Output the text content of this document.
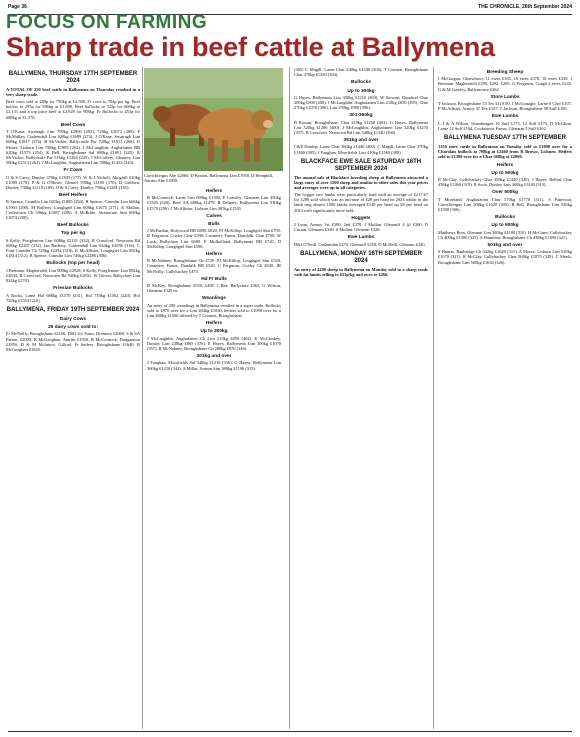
Page 36	THE CHRONICLE, 26th September 2024
FOCUS ON FARMING
Sharp trade in beef cattle at Ballymena

BALLYMENA, THURSDAY 17TH SEPTEMBER 2024

A TOTAL OF 250 beef cattle in Ballymena on Thursday resulted in a very sharp trade.

Beef cows sold to 280p for 790kg at £2,500, Fr cows to 704p per kg. Beef heifers to 295p for 596kg at £1,888, Beef bullocks to 325p for 608kg at £2,131 and a top price beef at £2,928 for 908kg. Fr Bullocks to 253p for 688kg at £1,570.

Beef Cows

T O'Kane, Swatragh Lim 790kg £2906 (292), 720kg £2073 (288). F McMullan, Cushendall Lim 620kg £1699 (274). J O'Kane, Swatragh Lim 668kg £1817 (272). R McVicker, Ballycastle Par 720kg £1915 (266). D Moses, Lisburn Lim 758kg £1985 (262). J McLaughlin, Aughafatten BB 620kg £1573 (254). K Bell, Broughshane Sal 690kg £1691 (245). R McVicker, Ballycastle Par 516kg £1264 (245). I McCaffery, Glenarry Lim 580kg £1513 (261). J McLaughlin, Aughafatten Lim 590kg £1433 (243).

Fr Cows

G & S Carey, Dunloy 470kg £1309 (177). W & J Nicholl, Ahoghill 610kg £1089 (179). P & G O'Rowe, Glenaff 598kg £1105 (170). D Gribben, Dunloy 738kg £1118 (169). O & S Carey, Dunloy 758kg £1281 (165).

Beef Heifers

R Spence, Crumlin Lim 601kg £1885 (294). R Spence, Crumlin Lim 666kg £1903 (290). M Rafferty, Loughgiel Lim 608kg £1675 (271). K Mullan, Cookstown Ch 596kg £1687 (286). A McBride, Stranocum Sim 668kg £1874 (280).

Beef Bullocks

Top per kg

S Kelly, Portglenone Lim 608kg £2131 (332). R Crawford, Newtown Rd 608kg £2107 (332). Ian Rafferty, Cushendall Lim 644kg £2036 (316). C Ford Crumlin Ch 728kg £2294 (316). K McAllister, Loughgiel Lim 582kg £1814 (312). R Spence, Crumlin Lim 746kg £2286 (306).

Bullocks (top per head)

J Brennan, Magherafelt Lim 908kg £2928, S Kelly, Portglenone Lim 882kg £2844, R Crawford, Newtown Rd 940kg £2831. W Glover, Ballyclare Lim 824kg £2703.

Friesian Bullocks

A Rocks, Lame Hol 688kg £1570 (231). Hol 710kg £1562 (220). Hol 720kg £1554 (216).

BALLYMENA, FRIDAY 19TH SEPTEMBER 2024

Dairy Cows

29 dairy cows sold to:

Fr McNeilly, Broughshane £2106, DSG Ivy Farm, Dromore £2060, S & SA Patton, £2000, B McGeoghan, Antrim £1950, R McCormick, Dungannon £1850. D & M McIntyre, Gilford. Fr heifers: Broughshane £1640, R McGeoghan £1620.

Carrickfergus Abe £2060, D Beaton, Ballymena Lim £1950, D Hemphill, Antrim Abe £1800.

Heifers

R McCormick, Larne Lim 600kg £1580, F Crawley, Glenarm Lim 450kg £1505 (328). Beef AA 480kg £1479. B Delaney, Ballymena Lim 530kg £1570 (296). J McAllister, Lisburn Lim 485kg £1545.

Calves

Bulls

J McPartlan, Holywood BB £880, £820, PJ McKillop, Loughgiel Sim £705. D Ferguson, Coaley Char £590, Creamery Farms, Dundalk. Char £700, W Lusk, Ballyclare Lim £680. F Mulholland, Ballymena BB £720, D McKillop, Loughgiel Sim £590.

Heifers

R McNabney, Broughshane Ch £720. PJ McKillop, Loughgiel Sim £520, Creamery Farms, Dundalk BB £520. C Ferguson, Coaley Ch £630. JR McNeilly, Cullybackey £470.

Hd Fr Bulls

D McKay, Broughshane £550, £490. J Rea, Ballyclare £365, G Wilson, Glenarm £325 ea.

Weanlings

An entry of 290 weanlings in Ballymena resulted in a super trade. Bullocks sold to £970 over for a Lim 404kg £1830, heifers sold to £1090 over for a Lim 468kg £1500 offered by T Connon, Broughshane.

Heifers

Up to 300kg

J McLaughlin, Aughafatten Ch Lim 210kg £850 (404). K McCloskey, Dunloy Lim 230kg £865 (376). E Hayes, Ballymena Lim 300kg £1070 (357). R McNabney, Broughshane Ch 280kg £970 (346).

301kg and over

J Faughan, Moorfields Sal 340kg £1210 (356). G Hayes, Ballymena Lim 360kg £1230 (342). A Millar, Antrim Sim 380kg £1190 (313).

(305) C Magill, Larne Char 440kg £1340 (304). T Connon, Broughshane Char 470kg £1430 (304).

Bullocks

Up to 300kg

G Hayes, Ballymena Lim 300kg £1210 (403). W Stewart, Dundrod Char 200kg £800 (400). J McLaughlin, Aughafatten Lim 210kg £830 (395). Char 270kg £1070 (396). Lim 250kg £990 (396).

301-350kg

B Rowan, Broughshane, Char 310kg £1250 (403). G Hayes, Ballymena Lim 320kg £1280 (400). J McLaughlin, Aughafatten Lim 320kg £1270 (397). R Crawford, Newtown Rd Lim 340kg £1340 (394).

351kg and over

C&E Dunlop, Larne Char 360kg £1440 (400). C Magill, Larne Char 370kg £1460 (395). J Faughan, Moorfields Lim 410kg £1560 (380).

BLACKFACE EWE SALE SATURDAY 16TH SEPTEMBER 2024

The annual sale of Blackface breeding sheep at Ballymena attracted a large entry of over 1500 sheep and similar to other sales this year prices and averages were up in all categories.

The hogget ewe lambs were particularly hard with an average of £217.67 for 1200 sold which was an increase of £28 per head on 2023 whilst in the lamb ring almost 1000 lambs averaged £148 per head up £8 per head on 2023 with significantly more sold.

Hoggets

J Lynn, Armoy 1st £390; 2nd £370. J Mullan, Glenariff 4 @ £360. D Curran, Glenarm £330. S Mullan, Glenarm £320.

Ewe Lambs

D&J O'Neill, Cushendun £270, Glenariff £250, D McNeill, Glenarm £240.

BALLYMENA, MONDAY 16TH SEPTEMBER 2024

An entry of 4200 sheep in Ballymena on Monday sold to a sharp trade with fat lambs selling to 633p/kg and ewes to £260.

Breeding Sheep

I McGuigan, Glenwherry 11 ewes £395, 10 ewes £370, 10 ewes £330. J Brennan, Magherafelt £295, £292, £285. G Ferguson, Coagh 2 ewes £245, G & M Gawley, Ballymoney £262.

Store Lambs

T Jackson, Broughshane 53 Tex £110.50, J McGonagle, Larne 6 Cher £107, P McAllister, Armoy 47 Tex £107, T Jackson, Broughshane 58 Suff £106.

Ewe Lambs

L J & A Wilson, Islandmagee 10 Suff £175, 12 Suff £175, D McGlinn, Larne 12 Suff £164, Cookstown Farms, Glenarm 5 Suff £162.

BALLYMENA TUESDAY 17TH SEPTEMBER

1350 store cattle in Ballymena on Tuesday sold to £1890 over for a Charolais bullock at 708kg at £2460 from R Brown, Lisburn. Heifers sold to £1390 over for a Char 568kg at £2060.

Heifers

Up to 500kg

R McClay, Cullybackey Char 450kg £1440 (320), J Hayes, Belfast Char 458kg £1460 (319). R Scott, Dunloy Lim 460kg £1440 (313).

Over 500kg

T Moreland, Aughafatten Char 570kg £1770 (311). S Patterson, Carrickfergus Lim 508kg £1620 (305). R Bell, Broughshane Lim 520kg £1590 (306).

Bullocks

Up to 500kg

Matthews Bros, Glenarm Lim 380kg £1180 (310). H McCann, Cullybackey Ch 400kg £1300 (325). S Hamilton, Broughshane Ch 430kg £1380 (321).

501kg and over

S Hunter, Banbridge Ch 542kg £1620 (311). A Moore, Lisburn Lim 520kg £1670 (321). R McClay, Cullybackey Char 568kg £1870 (329). C Shiels, Broughshane Lim 500kg £1630 (326).
